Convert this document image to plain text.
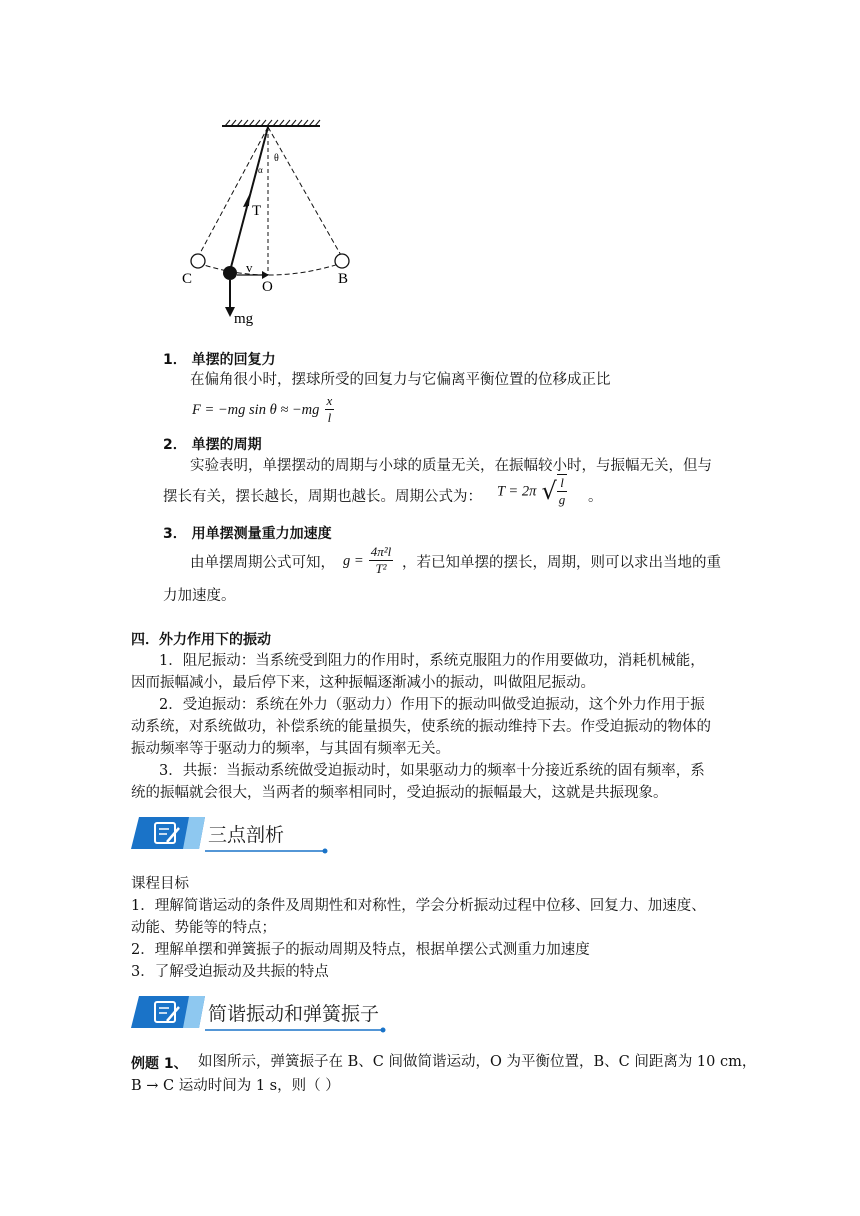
θ
α
T
C
v
O	B
mg
1． 单摆的回复力
在偏角很小时，摆球所受的回复力与它偏离平衡位置的位移成正比
F = −mg $\sin \theta \approx -mg \frac{x}{l}$
2． 单摆的周期
实验表明，单摆摆动的周期与小球的质量无关，在振幅较小时，与振幅无关，但与
摆长有关，摆长越长，周期也越长。周期公式为： T = 2π √ $\frac{l}{g}$ 。
3． 用单摆测量重力加速度
由单摆周期公式可知， $g = \frac{\text{4π²l}}{\text{T²}}$ ，若已知单摆的摆长，周期，则可以求出当地的重
力加速度。
四．外力作用下的振动
1．阻尼振动：当系统受到阻力的作用时，系统克服阻力的作用要做功，消耗机械能，
因而振幅减小，最后停下来，这种振幅逐渐减小的振动，叫做阻尼振动。
2．受迫振动：系统在外力（驱动力）作用下的振动叫做受迫振动，这个外力作用于振
动系统，对系统做功，补偿系统的能量损失，使系统的振动维持下去。作受迫振动的物体的
振动频率等于驱动力的频率，与其固有频率无关。
3．共振：当振动系统做受迫振动时，如果驱动力的频率十分接近系统的固有频率，系
统的振幅就会很大，当两者的频率相同时，受迫振动的振幅最大，这就是共振现象。
三点剖析
课程目标
1．理解简谐运动的条件及周期性和对称性，学会分析振动过程中位移、回复力、加速度、
动能、势能等的特点；
2．理解单摆和弹簧振子的振动周期及特点，根据单摆公式测重力加速度
3．了解受迫振动及共振的特点
简谐振动和弹簧振子
例题 1、 如图所示，弹簧振子在 B、C 间做简谐运动，O 为平衡位置，B、C 间距离为 10 cm，
B → C 运动时间为 1 s，则（ ）
